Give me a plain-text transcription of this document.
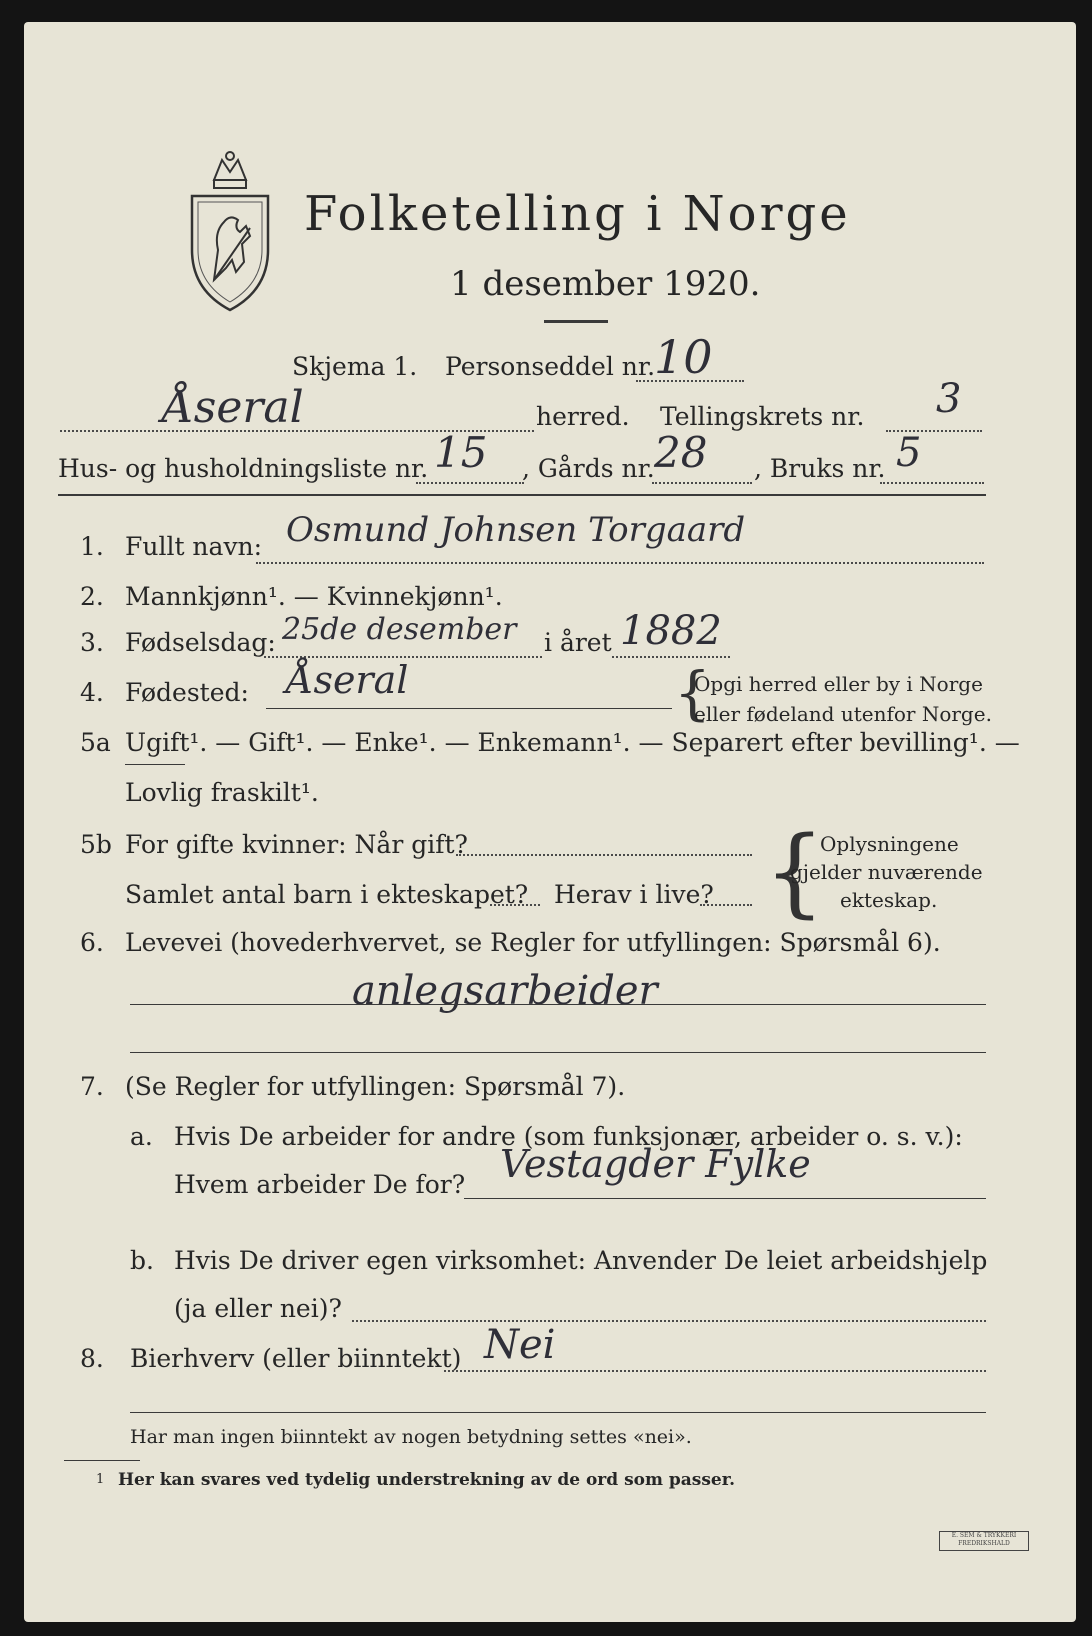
Folketelling i Norge
1 desember 1920.
Skjema 1. Personseddel nr.
10
Åseral	herred. Tellingskrets nr. 3
Hus- og husholdningsliste nr. 15 , Gårds nr. 28 , Bruks nr. 5
1. Fullt navn: Osmund Johnsen Torgaard
2. Mannkjønn¹. — Kvinnekjønn¹.
3. Fødselsdag: 25de desember i året 1882
4. Fødested: Åseral	{
Opgi herred eller by i Norge
eller fødeland utenfor Norge.
5a Ugift¹. — Gift¹. — Enke¹. — Enkemann¹. — Separert efter bevilling¹. —
Lovlig fraskilt¹.
5b For gifte kvinner: Når gift?
Samlet antal barn i ekteskapet? Herav i live? {
Oplysningene
gjelder nuværende
ekteskap.
6. Levevei (hovederhvervet, se Regler for utfyllingen: Spørsmål 6).
anlegsarbeider
7. (Se Regler for utfyllingen: Spørsmål 7).
a. Hvis De arbeider for andre (som funksjonær, arbeider o. s. v.):
Hvem arbeider De for? Vestagder Fylke
b. Hvis De driver egen virksomhet: Anvender De leiet arbeidshjelp
(ja eller nei)?
8. Bierhverv (eller biinntekt) Nei
Har man ingen biinntekt av nogen betydning settes «nei».
1 Her kan svares ved tydelig understrekning av de ord som passer.
E. SEM & TRYKKERI FREDRIKSHALD
